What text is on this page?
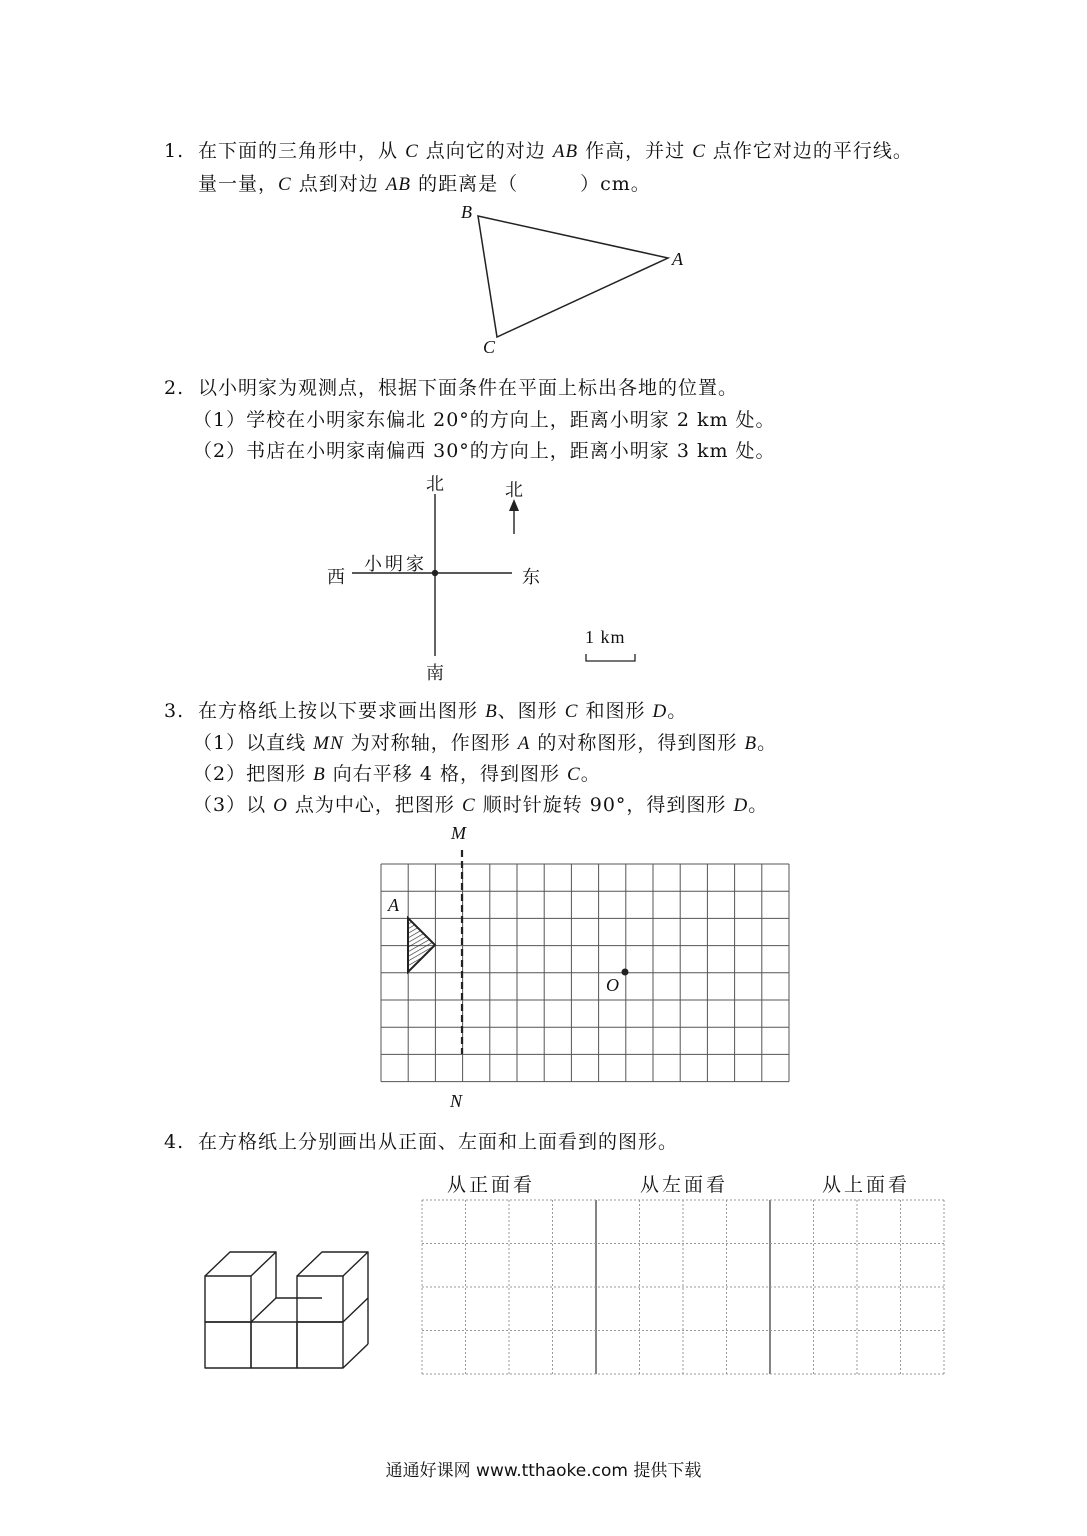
1. 在下面的三角形中，从 C 点向它的对边 AB 作高，并过 C 点作它对边的平行线。
量一量，C 点到对边 AB 的距离是（	）cm。
B
A
C
2. 以小明家为观测点，根据下面条件在平面上标出各地的位置。
（1）学校在小明家东偏北 20°的方向上，距离小明家 2 km 处。
（2）书店在小明家南偏西 30°的方向上，距离小明家 3 km 处。
北
南
西	东
小明家
北
1 km
3. 在方格纸上按以下要求画出图形 B、图形 C 和图形 D。
（1）以直线 MN 为对称轴，作图形 A 的对称图形，得到图形 B。
（2）把图形 B 向右平移 4 格，得到图形 C。
（3）以 O 点为中心，把图形 C 顺时针旋转 90°，得到图形 D。
M
N
A
O
4. 在方格纸上分别画出从正面、左面和上面看到的图形。
从正面看	从左面看	从上面看
通通好课网 www.tthaoke.com 提供下载
